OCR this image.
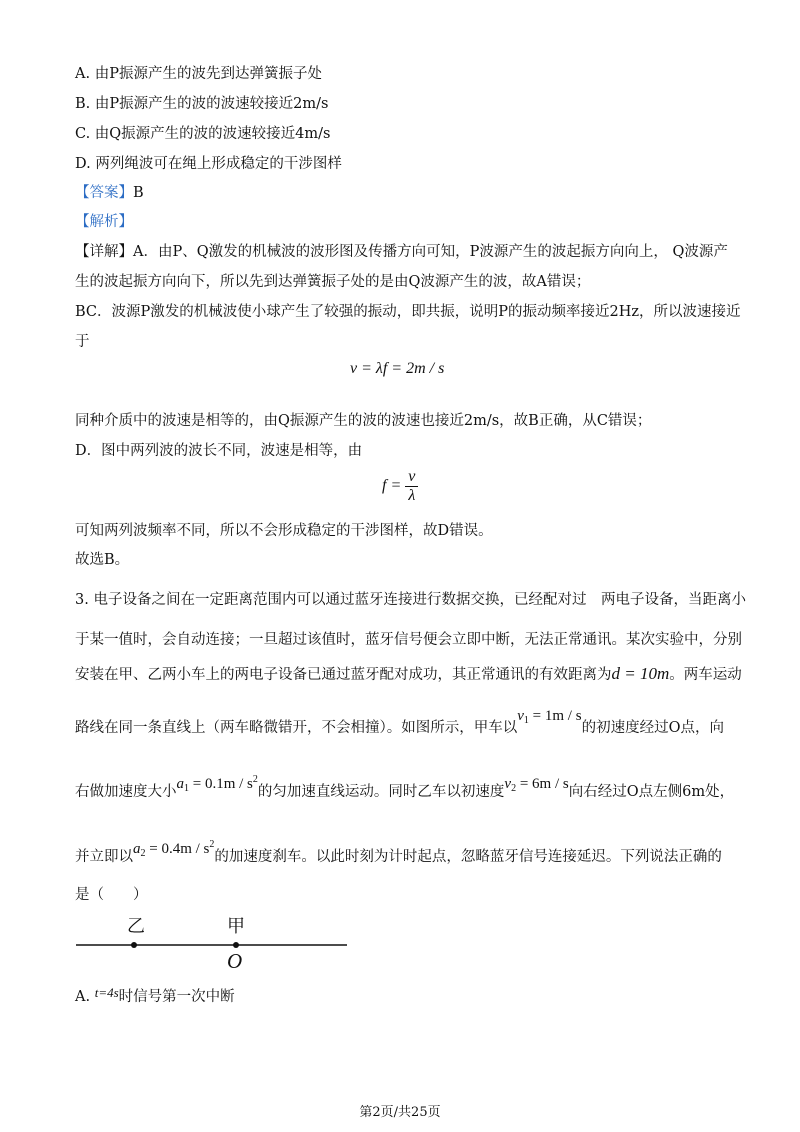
A. 由P振源产生的波先到达弹簧振子处
B. 由P振源产生的波的波速较接近2m/s
C. 由Q振源产生的波的波速较接近4m/s
D. 两列绳波可在绳上形成稳定的干涉图样
【答案】B
【解析】
【详解】A．由P、Q激发的机械波的波形图及传播方向可知，P波源产生的波起振方向向上， Q波源产
生的波起振方向向下，所以先到达弹簧振子处的是由Q波源产生的波，故A错误；
BC．波源P激发的机械波使小球产生了较强的振动，即共振，说明P的振动频率接近2Hz，所以波速接近
于
v = λf = 2m / s
同种介质中的波速是相等的，由Q振源产生的波的波速也接近2m/s，故B正确，从C错误；
D．图中两列波的波长不同，波速是相等，由
$f = \frac{v}{\lambda}$
可知两列波频率不同，所以不会形成稳定的干涉图样，故D错误。
故选B。
3. 电子设备之间在一定距离范围内可以通过蓝牙连接进行数据交换，已经配对过　两电子设备，当距离小
于某一值时，会自动连接；一旦超过该值时，蓝牙信号便会立即中断，无法正常通讯。某次实验中，分别
安装在甲、乙两小车上的两电子设备已通过蓝牙配对成功，其正常通讯的有效距离为d = 10m。两车运动
路线在同一条直线上（两车略微错开，不会相撞）。如图所示，甲车以$v_1 = 1m / s$的初速度经过O点，向
右做加速度大小$a_1 = 0.1m / s^2$的匀加速直线运动。同时乙车以初速度$v_2 = 6m / s$向右经过O点左侧6m处，
并立即以$a_2 = 0.4m / s^2$的加速度刹车。以此时刻为计时起点，忽略蓝牙信号连接延迟。下列说法正确的
是（　　）
乙	甲
O
A. t=4s时信号第一次中断
第2页/共25页
